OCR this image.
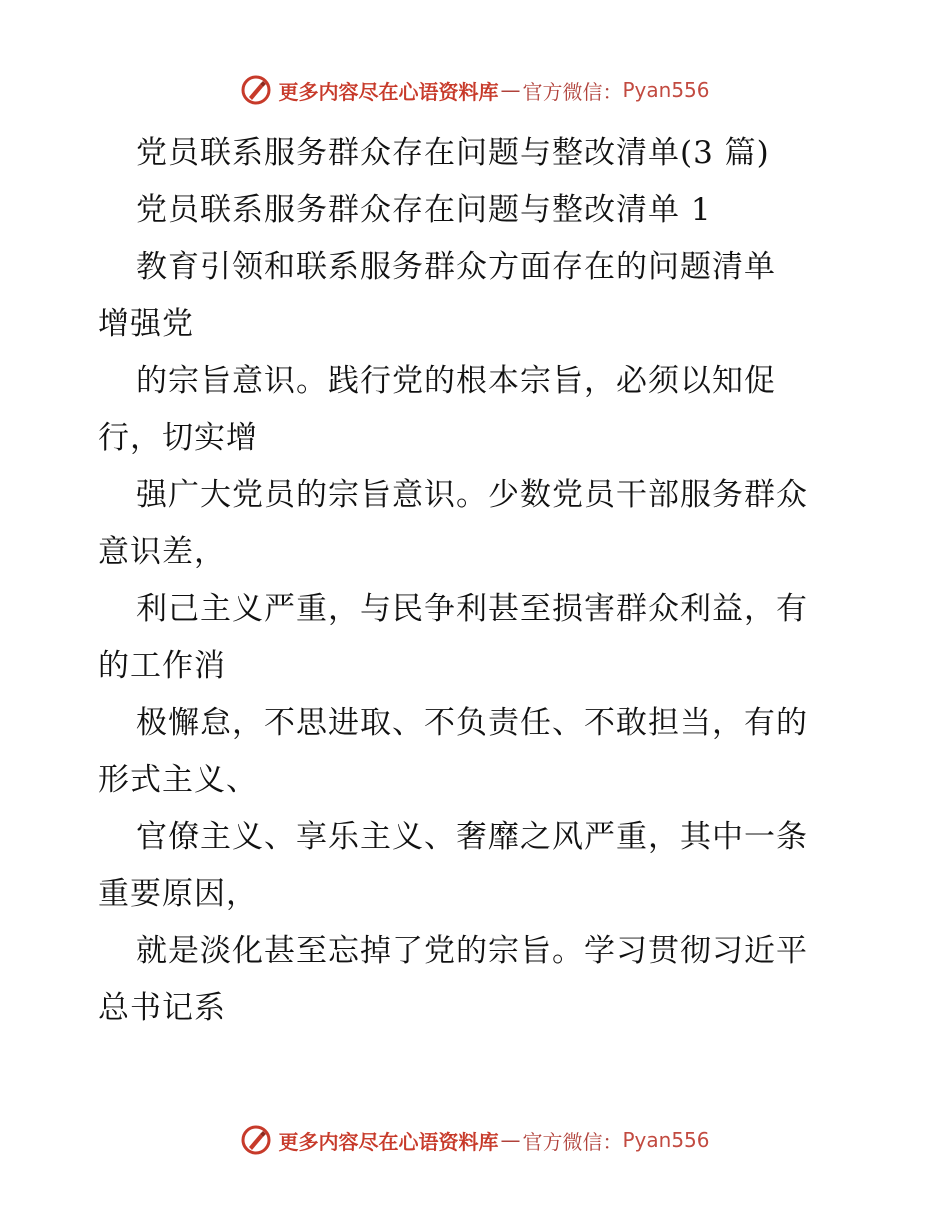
更多内容尽在心语资料库 — 官方微信： Pyan556
党员联系服务群众存在问题与整改清单(3 篇)
党员联系服务群众存在问题与整改清单 1
教育引领和联系服务群众方面存在的问题清单
增强党
的宗旨意识。践行党的根本宗旨，必须以知促
行，切实增
强广大党员的宗旨意识。少数党员干部服务群众
意识差，
利己主义严重，与民争利甚至损害群众利益，有
的工作消
极懈怠，不思进取、不负责任、不敢担当，有的
形式主义、
官僚主义、享乐主义、奢靡之风严重，其中一条
重要原因，
就是淡化甚至忘掉了党的宗旨。学习贯彻习近平
总书记系
更多内容尽在心语资料库 — 官方微信： Pyan556
